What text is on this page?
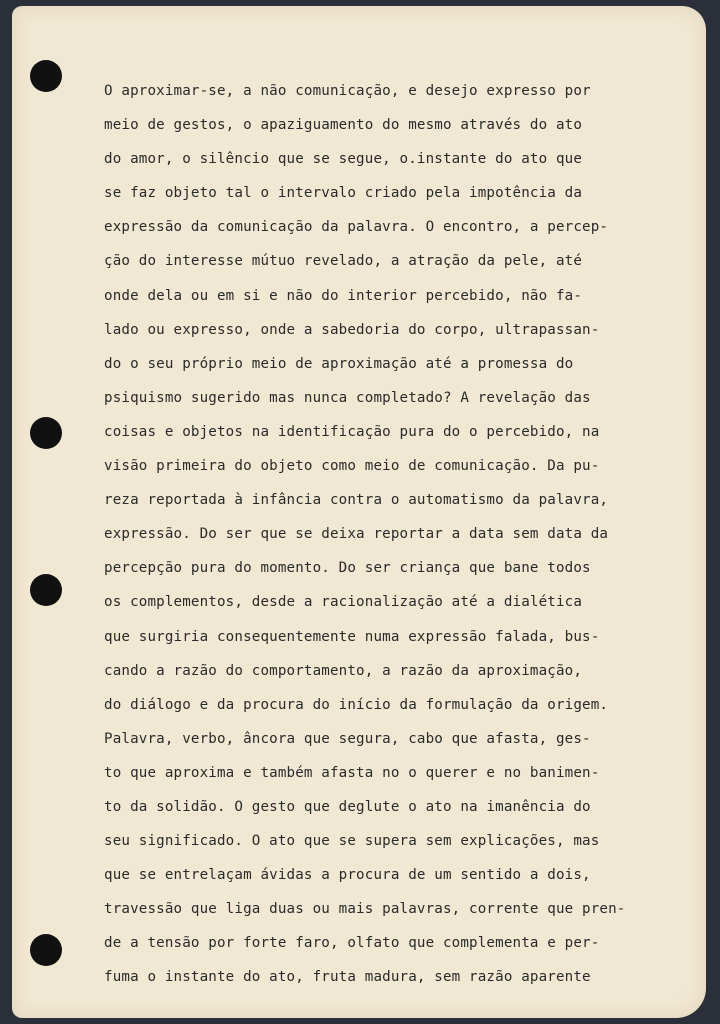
O aproximar-se, a não comunicação, e desejo expresso por
meio de gestos, o apaziguamento do mesmo através do ato
do amor, o silêncio que se segue, o.instante do ato que
se faz objeto tal o intervalo criado pela impotência da
expressão da comunicação da palavra. O encontro, a percep-
ção do interesse mútuo revelado, a atração da pele, até
onde dela ou em si e não do interior percebido, não fa-
lado ou expresso, onde a sabedoria do corpo, ultrapassan-
do o seu próprio meio de aproximação até a promessa do
psiquismo sugerido mas nunca completado? A revelação das
coisas e objetos na identificação pura do o percebido, na
visão primeira do objeto como meio de comunicação. Da pu-
reza reportada à infância contra o automatismo da palavra,
expressão. Do ser que se deixa reportar a data sem data da
percepção pura do momento. Do ser criança que bane todos
os complementos, desde a racionalização até a dialética
que surgiria consequentemente numa expressão falada, bus-
cando a razão do comportamento, a razão da aproximação,
do diálogo e da procura do início da formulação da origem.
Palavra, verbo, âncora que segura, cabo que afasta, ges-
to que aproxima e também afasta no o querer e no banimen-
to da solidão. O gesto que deglute o ato na imanência do
seu significado. O ato que se supera sem explicações, mas
que se entrelaçam ávidas a procura de um sentido a dois,
travessão que liga duas ou mais palavras, corrente que pren-
de a tensão por forte faro, olfato que complementa e per-
fuma o instante do ato, fruta madura, sem razão aparente
